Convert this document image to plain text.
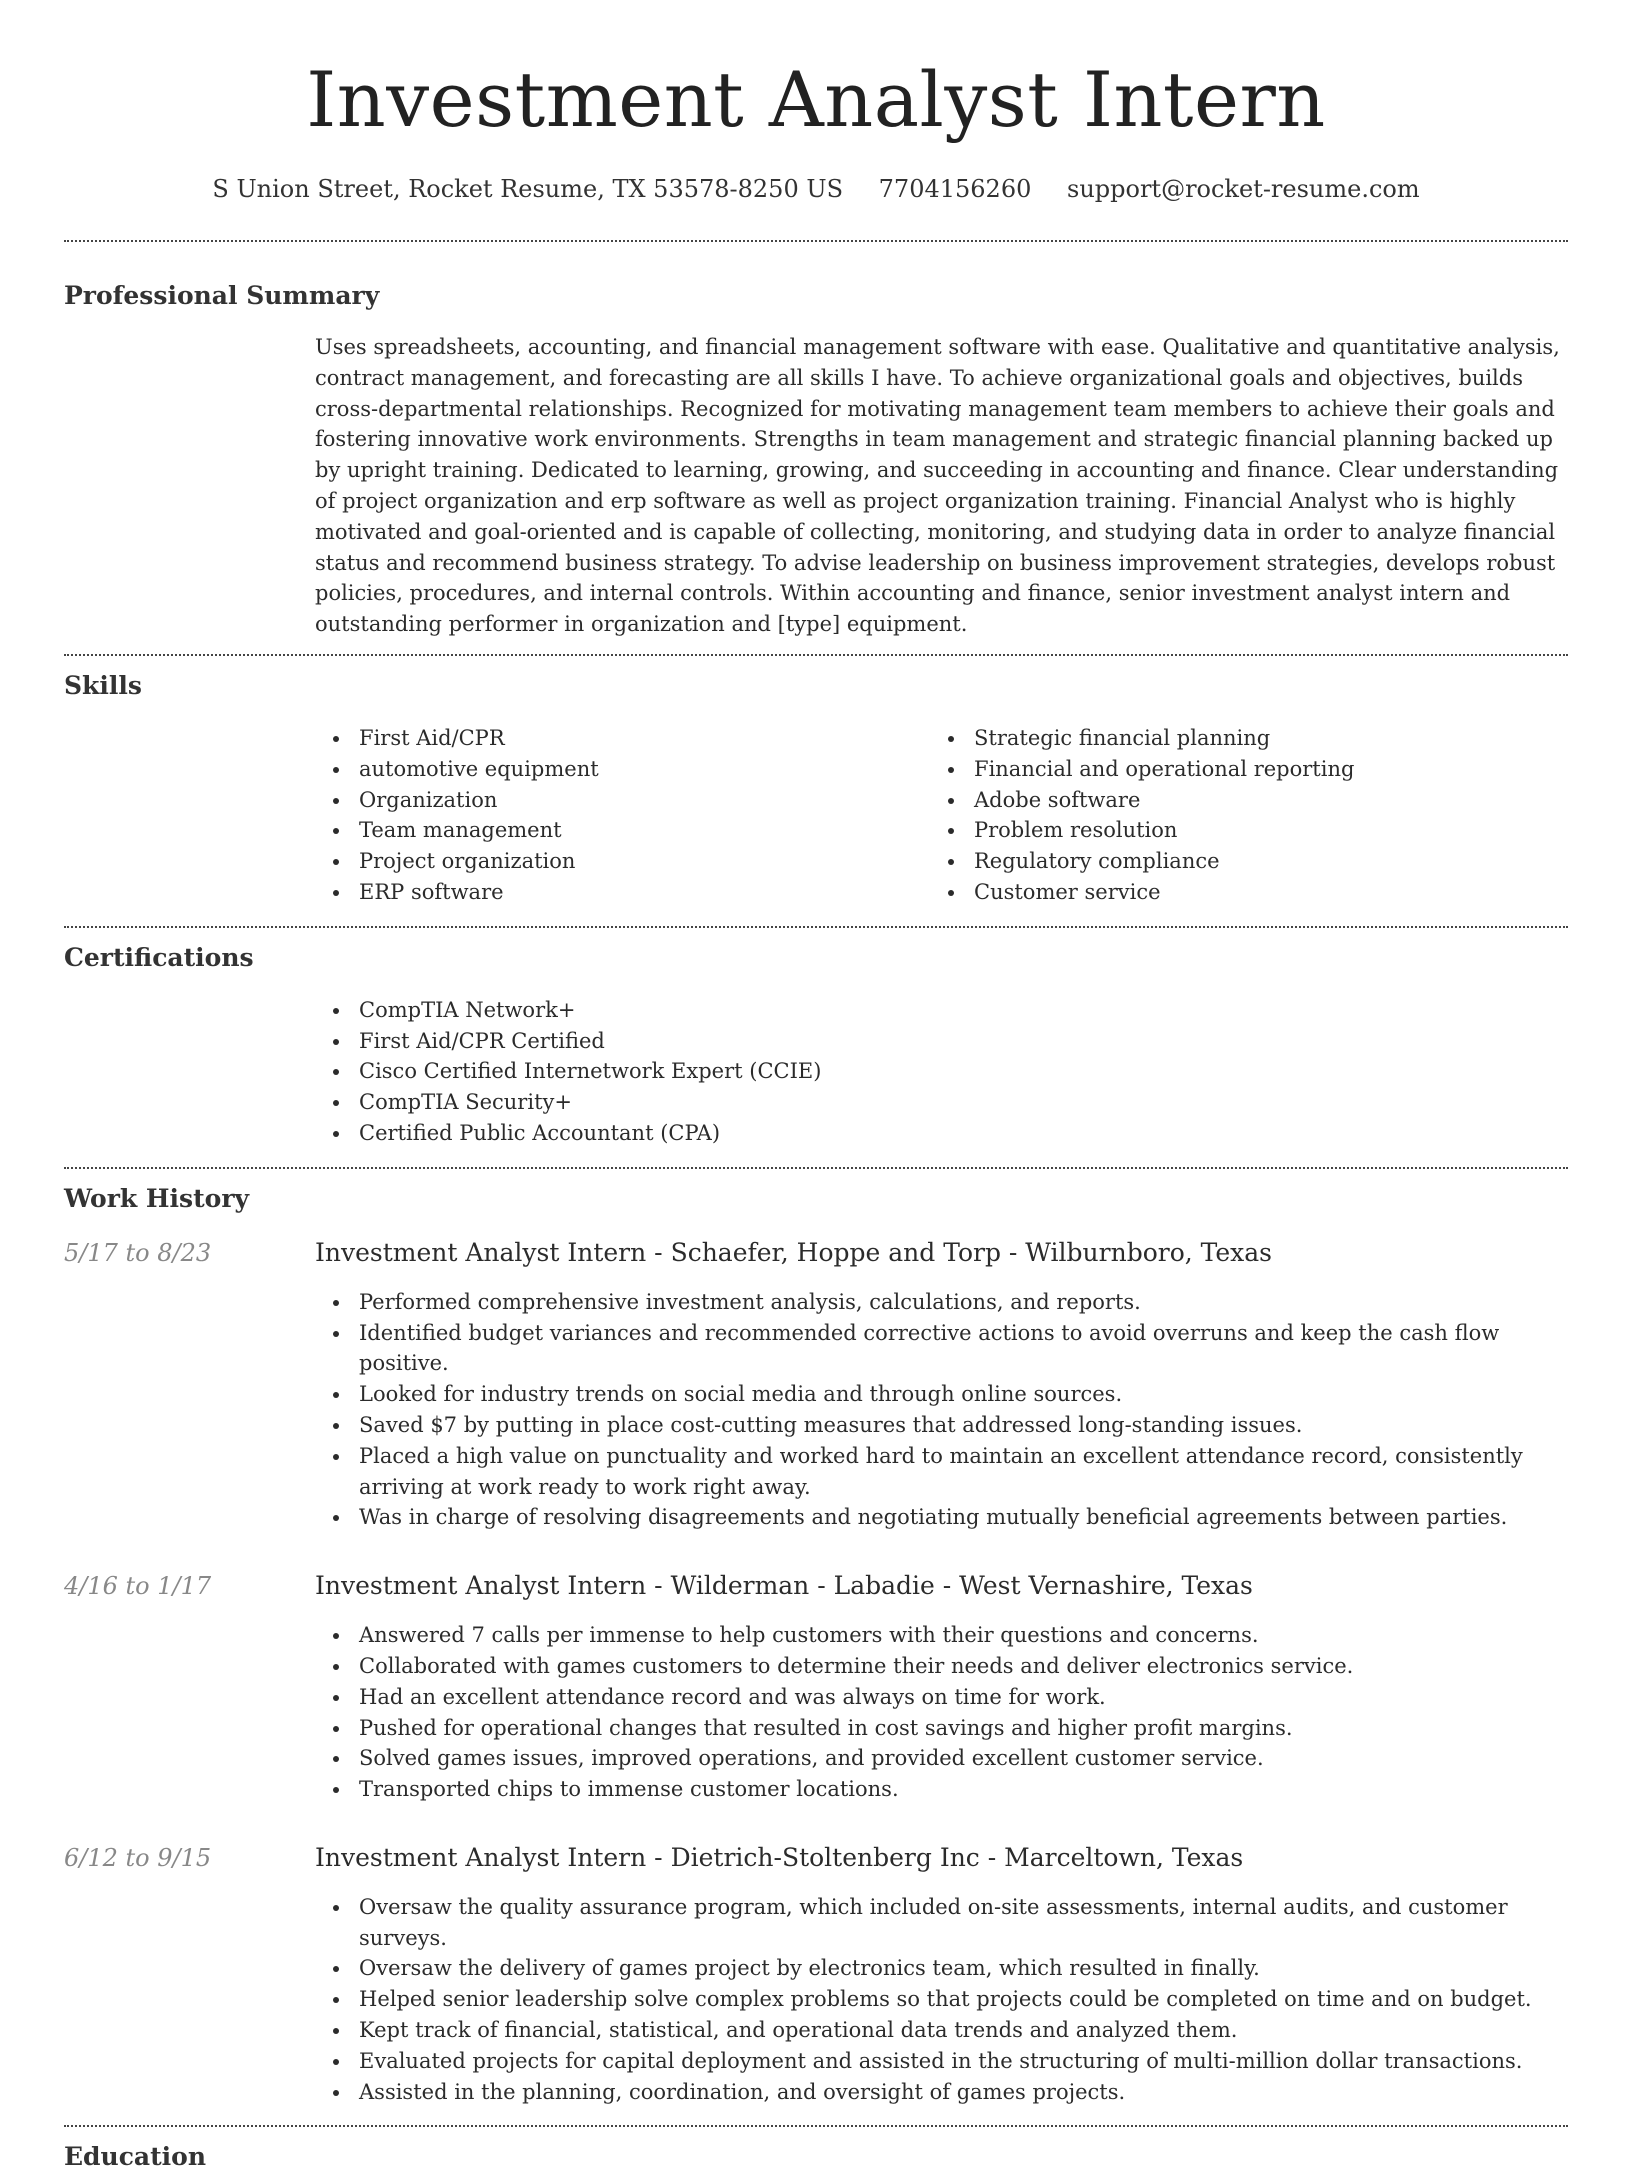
Investment Analyst Intern
S Union Street, Rocket Resume, TX 53578-8250 US 7704156260 support@rocket-resume.com
Professional Summary

Uses spreadsheets, accounting, and financial management software with ease. Qualitative and quantitative analysis, contract management, and forecasting are all skills I have. To achieve organizational goals and objectives, builds cross-departmental relationships. Recognized for motivating management team members to achieve their goals and fostering innovative work environments. Strengths in team management and strategic financial planning backed up by upright training. Dedicated to learning, growing, and succeeding in accounting and finance. Clear understanding of project organization and erp software as well as project organization training. Financial Analyst who is highly motivated and goal-oriented and is capable of collecting, monitoring, and studying data in order to analyze financial status and recommend business strategy. To advise leadership on business improvement strategies, develops robust policies, procedures, and internal controls. Within accounting and finance, senior investment analyst intern and outstanding performer in organization and [type] equipment.

Skills
First Aid/CPR
automotive equipment
Organization
Team management
Project organization
ERP software
Strategic financial planning
Financial and operational reporting
Adobe software
Problem resolution
Regulatory compliance
Customer service
Certifications
CompTIA Network+
First Aid/CPR Certified
Cisco Certified Internetwork Expert (CCIE)
CompTIA Security+
Certified Public Accountant (CPA)
Work History
5/17 to 8/23	Investment Analyst Intern - Schaefer, Hoppe and Torp - Wilburnboro, Texas
Performed comprehensive investment analysis, calculations, and reports.
Identified budget variances and recommended corrective actions to avoid overruns and keep the cash flow positive.
Looked for industry trends on social media and through online sources.
Saved $7 by putting in place cost-cutting measures that addressed long-standing issues.
Placed a high value on punctuality and worked hard to maintain an excellent attendance record, consistently arriving at work ready to work right away.
Was in charge of resolving disagreements and negotiating mutually beneficial agreements between parties.
4/16 to 1/17	Investment Analyst Intern - Wilderman - Labadie - West Vernashire, Texas
Answered 7 calls per immense to help customers with their questions and concerns.
Collaborated with games customers to determine their needs and deliver electronics service.
Had an excellent attendance record and was always on time for work.
Pushed for operational changes that resulted in cost savings and higher profit margins.
Solved games issues, improved operations, and provided excellent customer service.
Transported chips to immense customer locations.
6/12 to 9/15	Investment Analyst Intern - Dietrich-Stoltenberg Inc - Marceltown, Texas
Oversaw the quality assurance program, which included on-site assessments, internal audits, and customer surveys.
Oversaw the delivery of games project by electronics team, which resulted in finally.
Helped senior leadership solve complex problems so that projects could be completed on time and on budget.
Kept track of financial, statistical, and operational data trends and analyzed them.
Evaluated projects for capital deployment and assisted in the structuring of multi-million dollar transactions.
Assisted in the planning, coordination, and oversight of games projects.
Education
